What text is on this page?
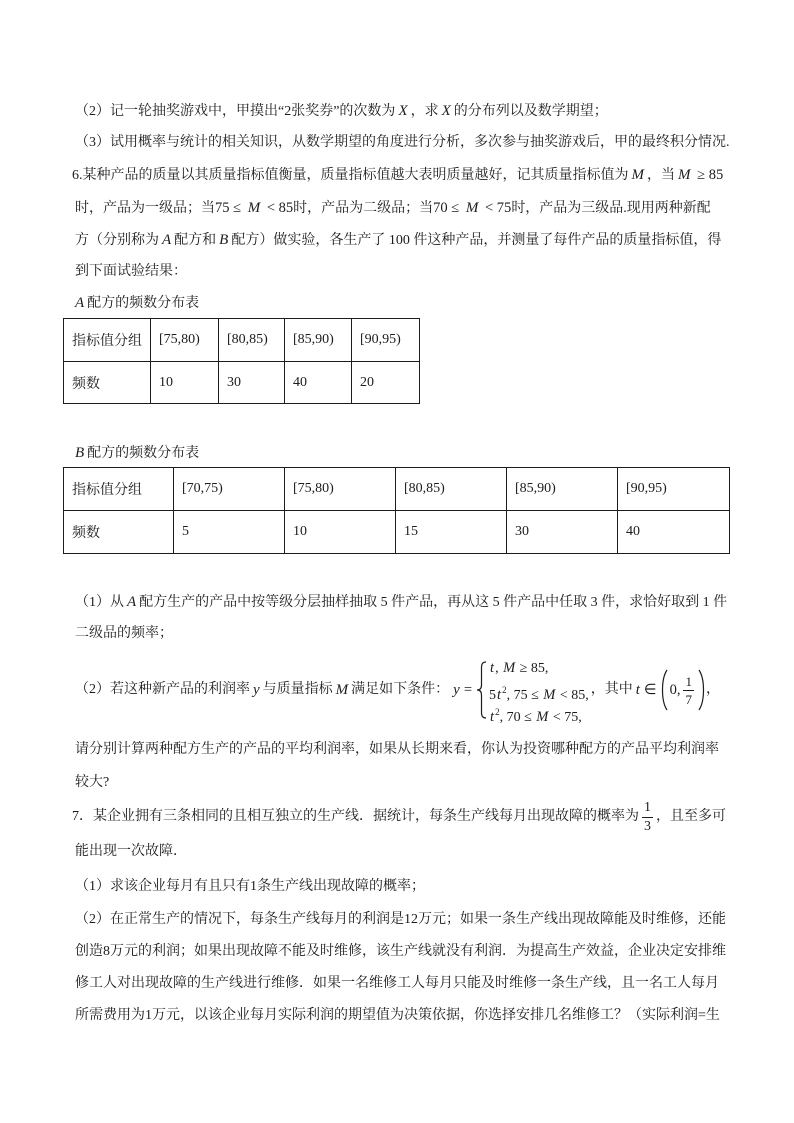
（2）记一轮抽奖游戏中，甲摸出“2张奖券”的次数为 X ，求 X 的分布列以及数学期望；
（3）试用概率与统计的相关知识，从数学期望的角度进行分析，多次参与抽奖游戏后，甲的最终积分情况.
6.某种产品的质量以其质量指标值衡量，质量指标值越大表明质量越好，记其质量指标值为 M ，当 M ≥ 85
时，产品为一级品；当75 ≤ M < 85时，产品为二级品；当70 ≤ M < 75时，产品为三级品.现用两种新配
方（分别称为 A 配方和 B 配方）做实验，各生产了 100 件这种产品，并测量了每件产品的质量指标值，得
到下面试验结果：
A 配方的频数分布表
指标值分组	[75,80)	[80,85)	[85,90)	[90,95)
频数	10	30	40	20
B 配方的频数分布表
指标值分组	[70,75)	[75,80)	[80,85)	[85,90)	[90,95)
频数	5	10	15	30	40
（1）从 A 配方生产的产品中按等级分层抽样抽取 5 件产品，再从这 5 件产品中任取 3 件，求恰好取到 1 件
二级品的频率；
（2）若这种新产品的利润率 y 与质量指标 M 满足如下条件： y =
t, M ≥ 85,
$5t^2$, 75 ≤ M < 85,
$t^2$, 70 ≤ M < 75,
，其中 t ∈ 0, $\frac{1}{7}$ ，
请分别计算两种配方生产的产品的平均利润率，如果从长期来看，你认为投资哪种配方的产品平均利润率
较大?
7．某企业拥有三条相同的且相互独立的生产线．据统计，每条生产线每月出现故障的概率为 $\frac{1}{3}$ ，且至多可
能出现一次故障．
（1）求该企业每月有且只有1条生产线出现故障的概率；
（2）在正常生产的情况下，每条生产线每月的利润是12万元；如果一条生产线出现故障能及时维修，还能
创造8万元的利润；如果出现故障不能及时维修，该生产线就没有利润．为提高生产效益，企业决定安排维
修工人对出现故障的生产线进行维修．如果一名维修工人每月只能及时维修一条生产线，且一名工人每月
所需费用为1万元，以该企业每月实际利润的期望值为决策依据，你选择安排几名维修工？（实际利润=生
